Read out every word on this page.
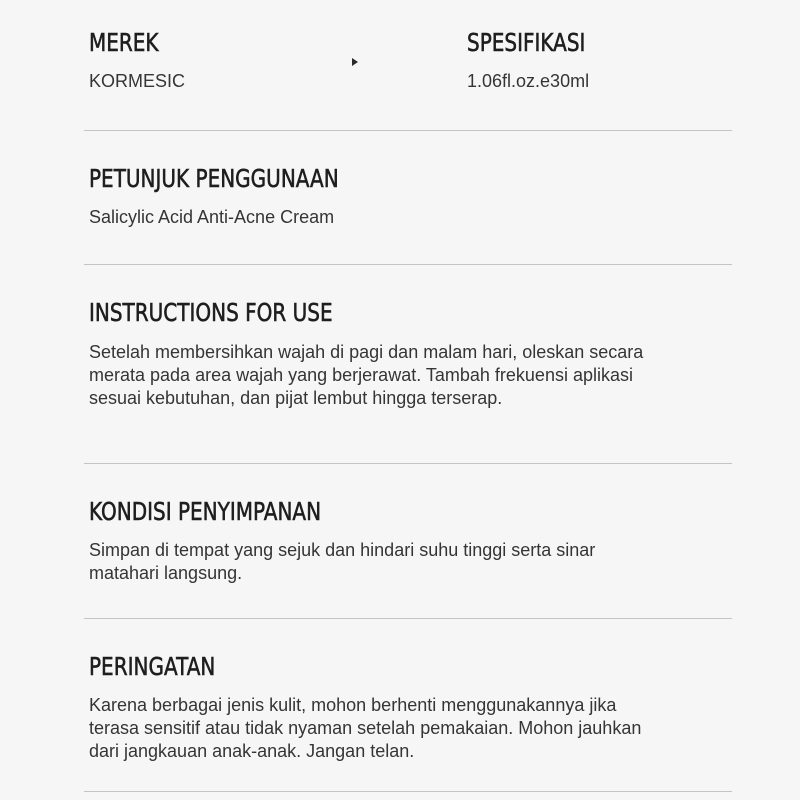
MEREK

KORMESIC

SPESIFIKASI

1.06fl.oz.e30ml

PETUNJUK PENGGUNAAN

Salicylic Acid Anti-Acne Cream

INSTRUCTIONS FOR USE
Setelah membersihkan wajah di pagi dan malam hari, oleskan secara
merata pada area wajah yang berjerawat. Tambah frekuensi aplikasi
sesuai kebutuhan, dan pijat lembut hingga terserap.
KONDISI PENYIMPANAN
Simpan di tempat yang sejuk dan hindari suhu tinggi serta sinar
matahari langsung.
PERINGATAN
Karena berbagai jenis kulit, mohon berhenti menggunakannya jika
terasa sensitif atau tidak nyaman setelah pemakaian. Mohon jauhkan
dari jangkauan anak-anak. Jangan telan.
